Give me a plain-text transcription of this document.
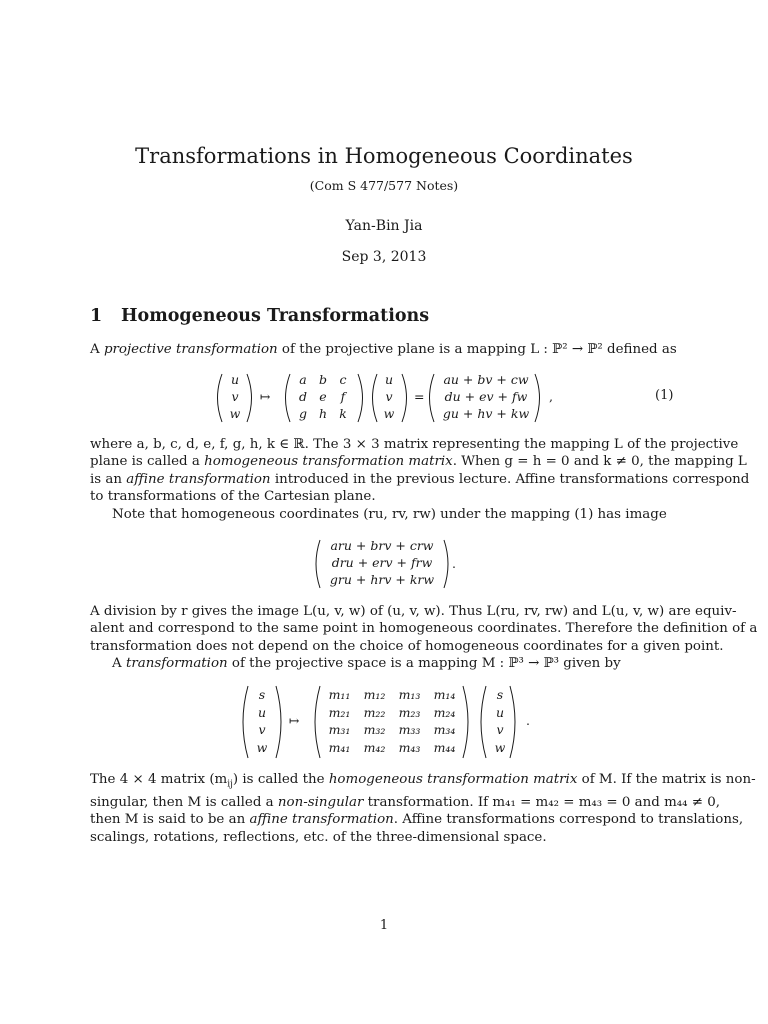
Transformations in Homogeneous Coordinates
(Com S 477/577 Notes)
Yan-Bin Jia
Sep 3, 2013
1 Homogeneous Transformations
A projective transformation of the projective plane is a mapping L : ℙ² → ℙ² defined as
u
v
w
↦
a b c
d e	f
g h k
u
v
w
=
au + bv + cw
du + ev + fw
gu + hv + kw
,	(1)
where a, b, c, d, e, f, g, h, k ∈ ℝ. The 3 × 3 matrix representing the mapping L of the projective
plane is called a homogeneous transformation matrix. When g = h = 0 and k ≠ 0, the mapping L
is an affine transformation introduced in the previous lecture. Affine transformations correspond
to transformations of the Cartesian plane.
Note that homogeneous coordinates (ru, rv, rw) under the mapping (1) has image
aru + brv + crw
dru + erv + frw
gru + hrv + krw
.
A division by r gives the image L(u, v, w) of (u, v, w). Thus L(ru, rv, rw) and L(u, v, w) are equiv-
alent and correspond to the same point in homogeneous coordinates. Therefore the definition of a
transformation does not depend on the choice of homogeneous coordinates for a given point.
A transformation of the projective space is a mapping M : ℙ³ → ℙ³ given by
s
u
v
w
↦
m₁₁	m₁₂	m₁₃	m₁₄
m₂₁	m₂₂	m₂₃	m₂₄
m₃₁	m₃₂	m₃₃	m₃₄
m₄₁	m₄₂	m₄₃	m₄₄
s
u
v
w
.
The 4 × 4 matrix $(m_{ij})$ is called the homogeneous transformation matrix of M. If the matrix is non-
singular, then M is called a non-singular transformation. If m₄₁ = m₄₂ = m₄₃ = 0 and m₄₄ ≠ 0,
then M is said to be an affine transformation. Affine transformations correspond to translations,
scalings, rotations, reflections, etc. of the three-dimensional space.
1
